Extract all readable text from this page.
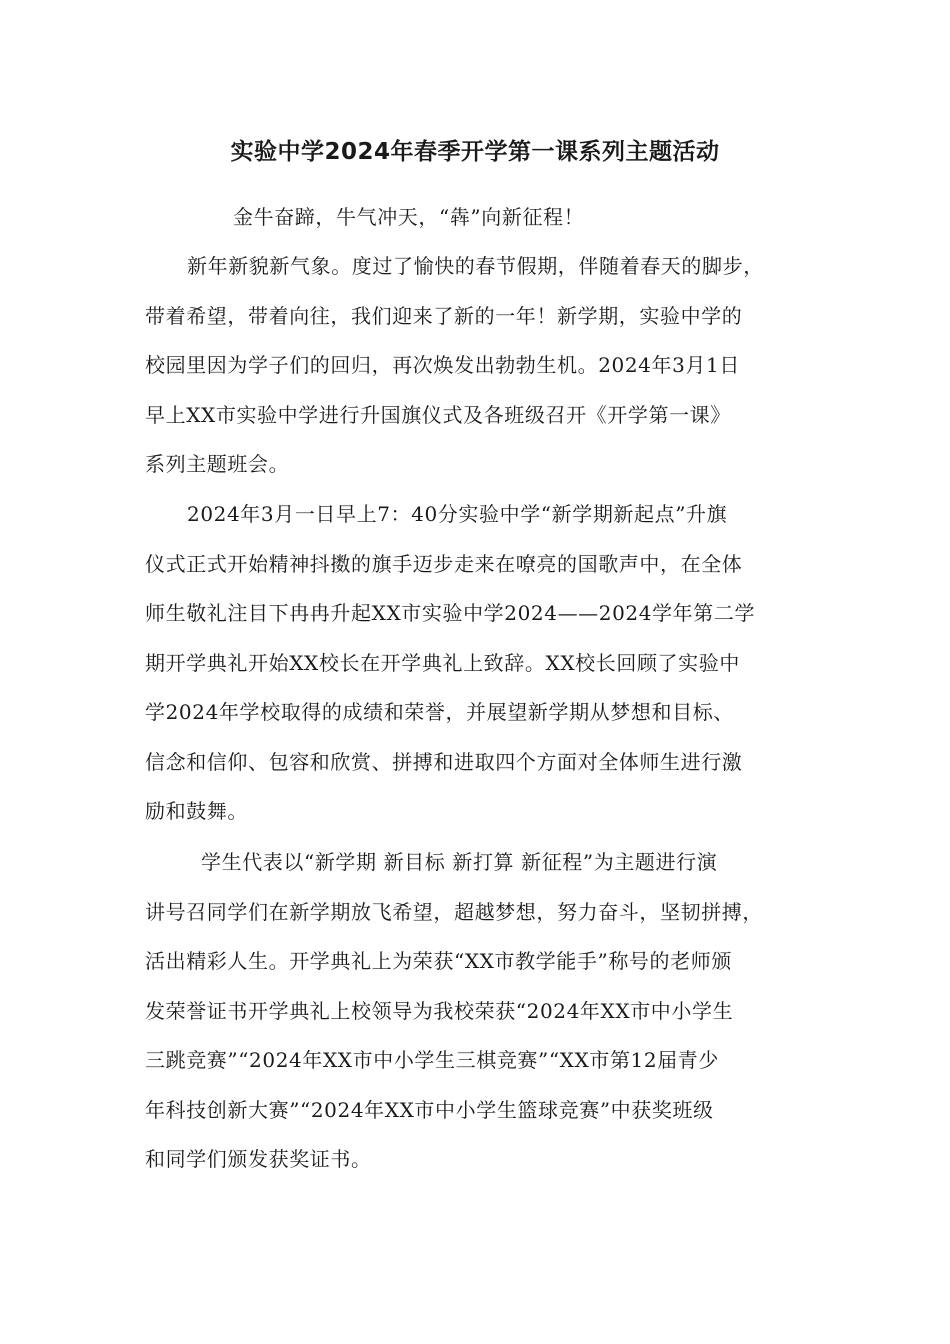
实验中学2024年春季开学第一课系列主题活动
金牛奋蹄，牛气冲天，“犇”向新征程！
新年新貌新气象。度过了愉快的春节假期，伴随着春天的脚步，
带着希望，带着向往，我们迎来了新的一年！新学期，实验中学的
校园里因为学子们的回归，再次焕发出勃勃生机。2024年3月1日
早上XX市实验中学进行升国旗仪式及各班级召开《开学第一课》
系列主题班会。
2024年3月一日早上7：40分实验中学“新学期新起点”升旗
仪式正式开始精神抖擞的旗手迈步走来在嘹亮的国歌声中，在全体
师生敬礼注目下冉冉升起XX市实验中学2024——2024学年第二学
期开学典礼开始XX校长在开学典礼上致辞。XX校长回顾了实验中
学2024年学校取得的成绩和荣誉，并展望新学期从梦想和目标、
信念和信仰、包容和欣赏、拼搏和进取四个方面对全体师生进行激
励和鼓舞。
学生代表以“新学期 新目标 新打算 新征程”为主题进行演
讲号召同学们在新学期放飞希望，超越梦想，努力奋斗，坚韧拼搏，
活出精彩人生。开学典礼上为荣获“XX市教学能手”称号的老师颁
发荣誉证书开学典礼上校领导为我校荣获“2024年XX市中小学生
三跳竞赛”“2024年XX市中小学生三棋竞赛”“XX市第12届青少
年科技创新大赛”“2024年XX市中小学生篮球竞赛”中获奖班级
和同学们颁发获奖证书。
